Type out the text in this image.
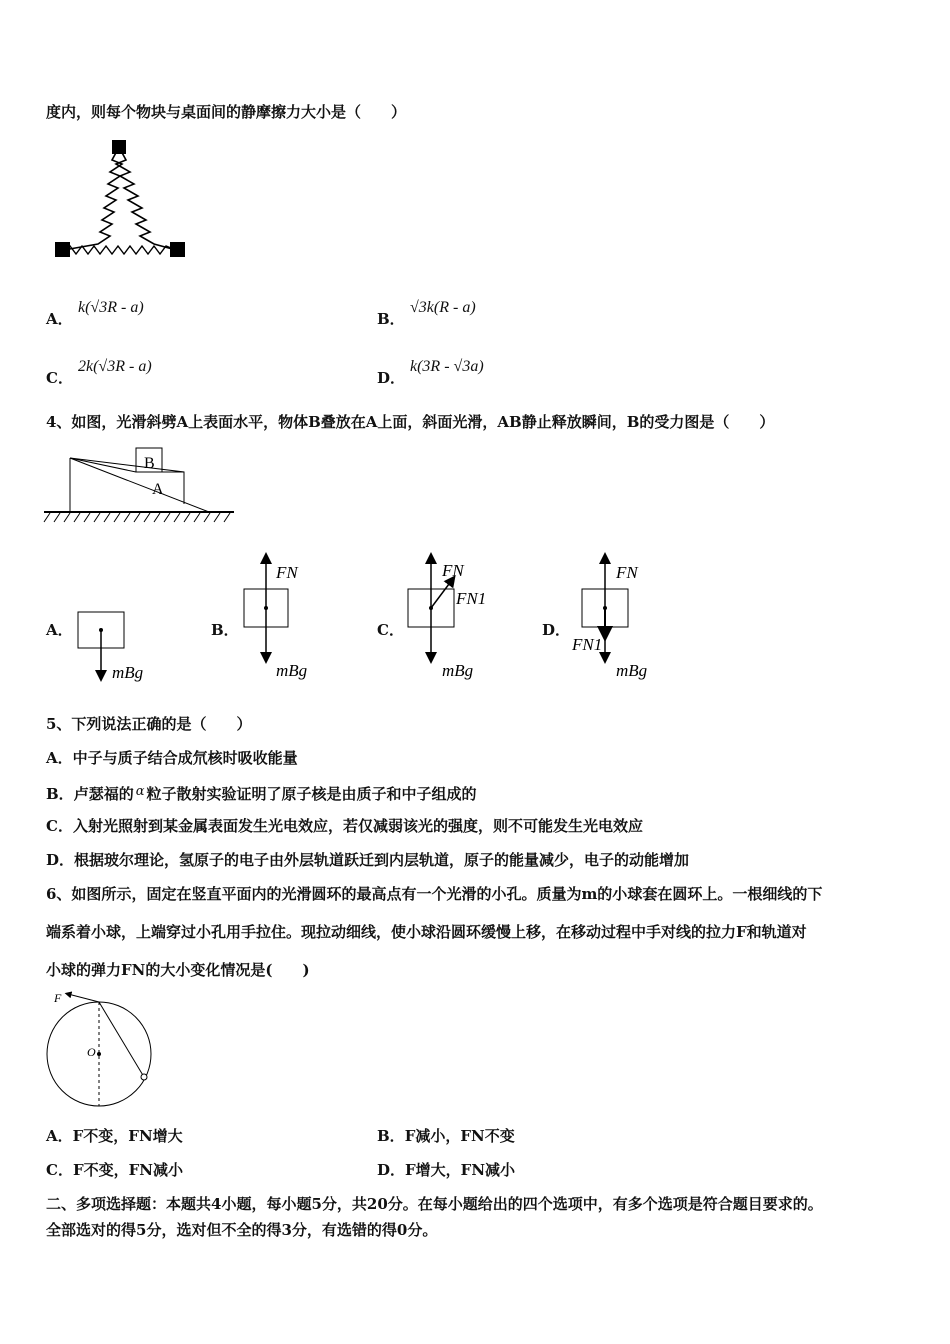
度内，则每个物块与桌面间的静摩擦力大小是（　　）
A．
k(√3R - a)
B．
√3k(R - a)
C．
2k(√3R - a)
D．
k(3R - √3a)
4、如图，光滑斜劈A上表面水平，物体B叠放在A上面，斜面光滑，AB静止释放瞬间，B的受力图是（　　）
B
A
A．	B．	C．	D．
mBg
FN
mBg
FN
FN1
mBg
FN
FN1
mBg
5、下列说法正确的是（　　）
A．中子与质子结合成氘核时吸收能量
B．卢瑟福的 α 粒子散射实验证明了原子核是由质子和中子组成的
C．入射光照射到某金属表面发生光电效应，若仅减弱该光的强度，则不可能发生光电效应
D．根据玻尔理论，氢原子的电子由外层轨道跃迁到内层轨道，原子的能量减少，电子的动能增加
6、如图所示，固定在竖直平面内的光滑圆环的最高点有一个光滑的小孔。质量为m的小球套在圆环上。一根细线的下
端系着小球，上端穿过小孔用手拉住。现拉动细线，使小球沿圆环缓慢上移，在移动过程中手对线的拉力F和轨道对
小球的弹力FN的大小变化情况是(　　)
F
O
A．F不变，FN增大	B．F减小，FN不变
C．F不变，FN减小	D．F增大，FN减小
二、多项选择题：本题共4小题，每小题5分，共20分。在每小题给出的四个选项中，有多个选项是符合题目要求的。
全部选对的得5分，选对但不全的得3分，有选错的得0分。
